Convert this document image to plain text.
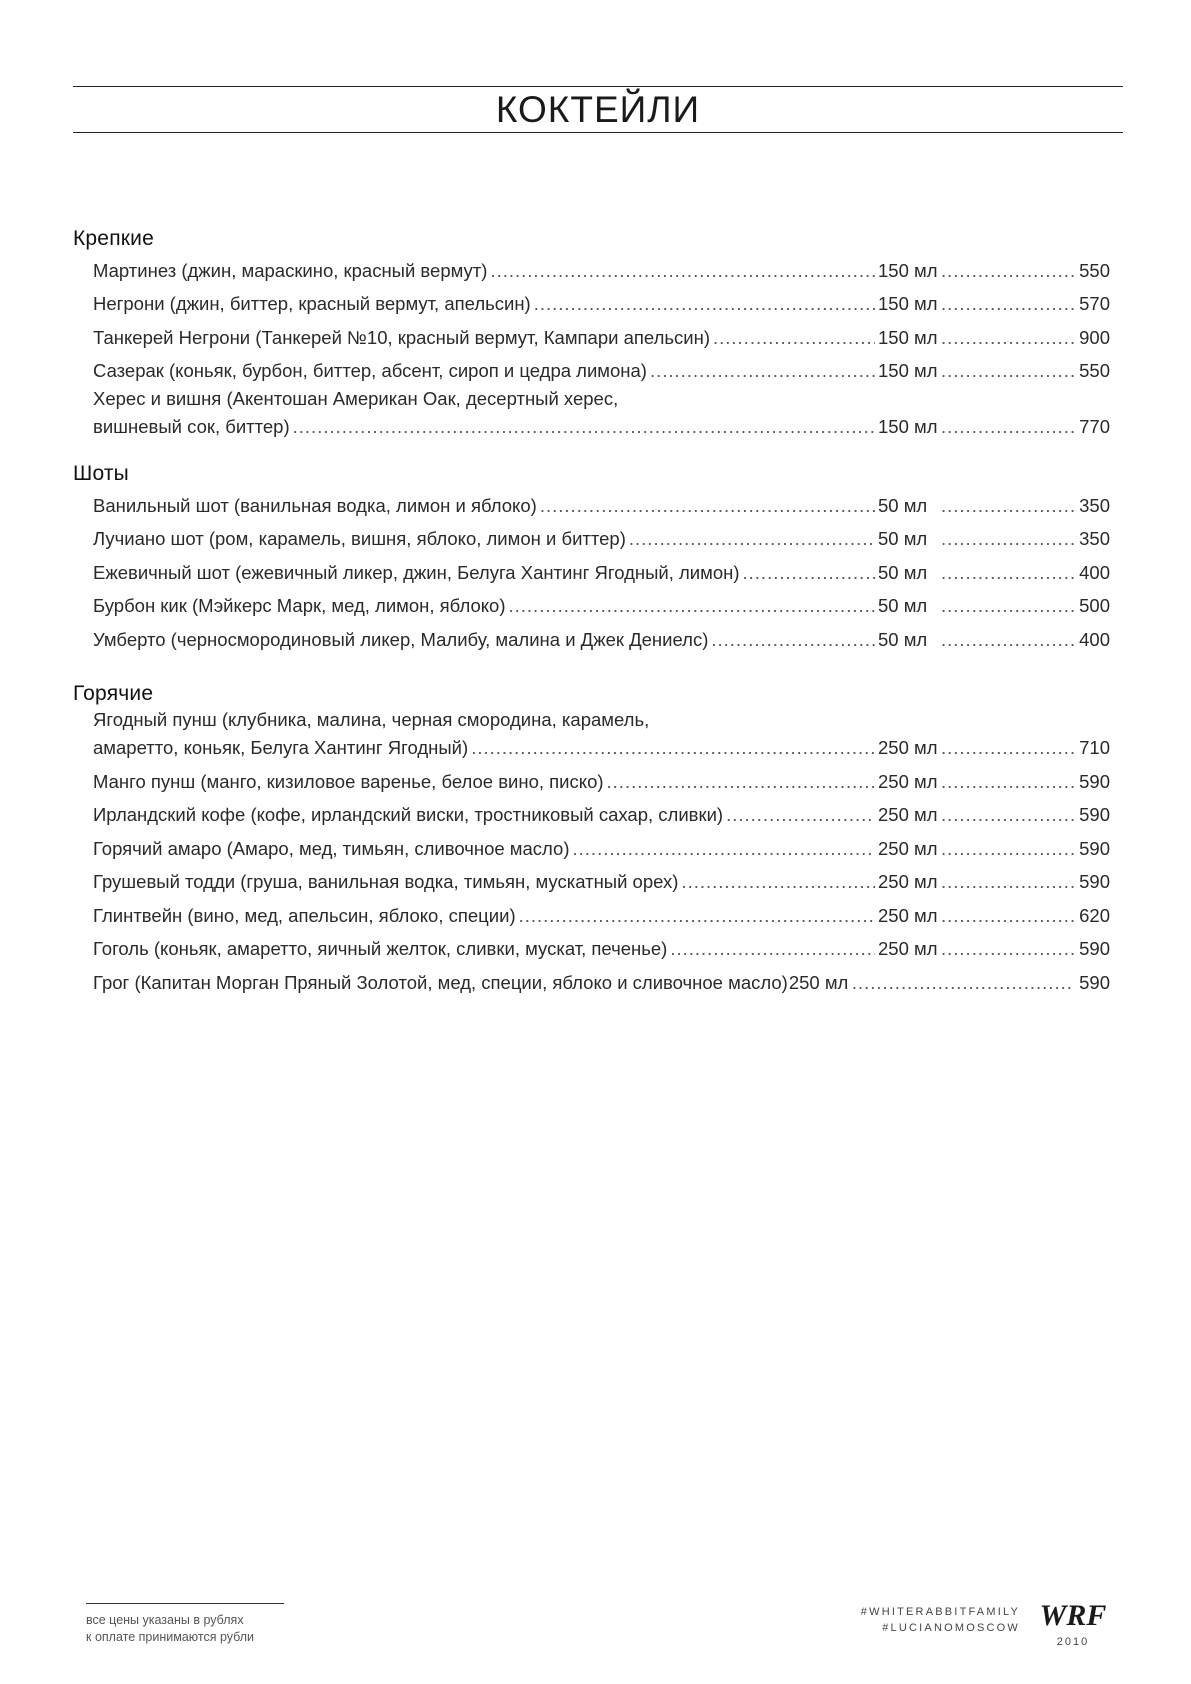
КОКТЕЙЛИ
Крепкие
Мартинез (джин, мараскино, красный вермут) .....	150 мл .....	550
Негрони (джин, биттер, красный вермут, апельсин) .....	150 мл .....	570
Танкерей Негрони (Танкерей №10, красный вермут, Кампари апельсин) .....	150 мл .....	900
Сазерак (коньяк, бурбон, биттер, абсент, сироп и цедра лимона) .....	150 мл .....	550
Херес и вишня (Акентошан Американ Оак, десертный херес,
вишневый сок, биттер) .....	150 мл .....	770
Шоты
Ванильный шот (ванильная водка, лимон и яблоко) .....	50 мл .....	350
Лучиано шот (ром, карамель, вишня, яблоко, лимон и биттер) .....	50 мл .....	350
Ежевичный шот (ежевичный ликер, джин, Белуга Хантинг Ягодный, лимон) .....	50 мл .....	400
Бурбон кик (Мэйкерс Марк, мед, лимон, яблоко) .....	50 мл .....	500
Умберто (черносмородиновый ликер, Малибу, малина и Джек Дениелс) .....	50 мл .....	400
Горячие
Ягодный пунш (клубника, малина, черная смородина, карамель,
амаретто, коньяк, Белуга Хантинг Ягодный) .....	250 мл .....	710
Манго пунш (манго, кизиловое варенье, белое вино, писко) .....	250 мл .....	590
Ирландский кофе (кофе, ирландский виски, тростниковый сахар, сливки) .....	250 мл .....	590
Горячий амаро (Амаро, мед, тимьян, сливочное масло) .....	250 мл .....	590
Грушевый тодди (груша, ванильная водка, тимьян, мускатный орех) .....	250 мл .....	590
Глинтвейн (вино, мед, апельсин, яблоко, специи) .....	250 мл .....	620
Гоголь (коньяк, амаретто, яичный желток, сливки, мускат, печенье) .....	250 мл .....	590
Грог (Капитан Морган Пряный Золотой, мед, специи, яблоко и сливочное масло) 250 мл .....	590
все цены указаны в рублях
к оплате принимаются рубли
#WHITERABBITFAMILY
#LUCIANOMOSCOW WRF
2010
